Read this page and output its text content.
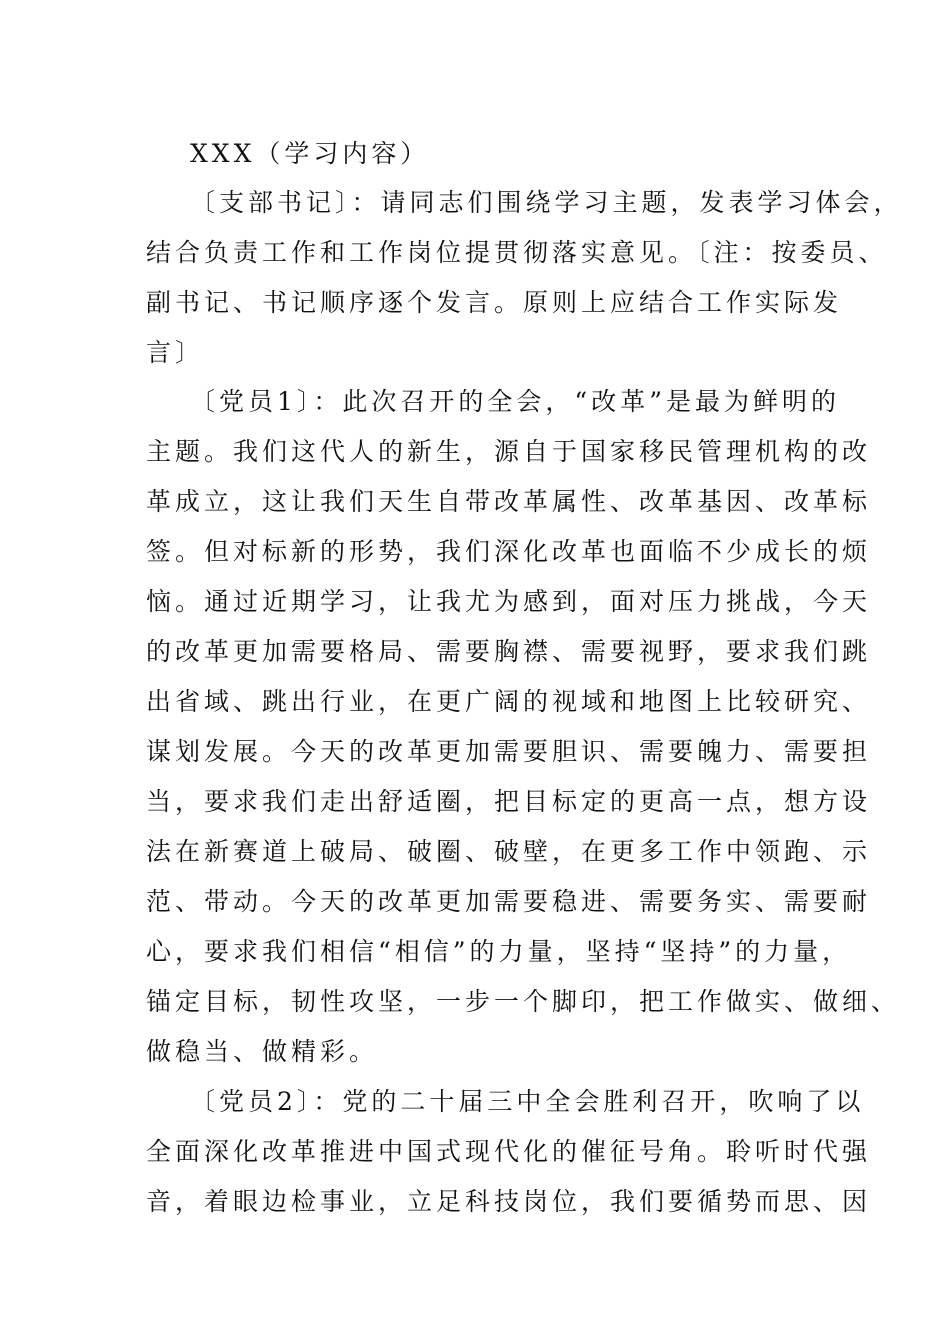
XXX（学习内容）
〔支部书记〕：请同志们围绕学习主题，发表学习体会，
结合负责工作和工作岗位提贯彻落实意见。〔注：按委员、
副书记、书记顺序逐个发言。原则上应结合工作实际发
言〕
〔党员1〕：此次召开的全会，“改革”是最为鲜明的
主题。我们这代人的新生，源自于国家移民管理机构的改
革成立，这让我们天生自带改革属性、改革基因、改革标
签。但对标新的形势，我们深化改革也面临不少成长的烦
恼。通过近期学习，让我尤为感到，面对压力挑战，今天
的改革更加需要格局、需要胸襟、需要视野，要求我们跳
出省域、跳出行业，在更广阔的视域和地图上比较研究、
谋划发展。今天的改革更加需要胆识、需要魄力、需要担
当，要求我们走出舒适圈，把目标定的更高一点，想方设
法在新赛道上破局、破圈、破壁，在更多工作中领跑、示
范、带动。今天的改革更加需要稳进、需要务实、需要耐
心，要求我们相信“相信”的力量，坚持“坚持”的力量，
锚定目标，韧性攻坚，一步一个脚印，把工作做实、做细、
做稳当、做精彩。
〔党员2〕：党的二十届三中全会胜利召开，吹响了以
全面深化改革推进中国式现代化的催征号角。聆听时代强
音，着眼边检事业，立足科技岗位，我们要循势而思、因
